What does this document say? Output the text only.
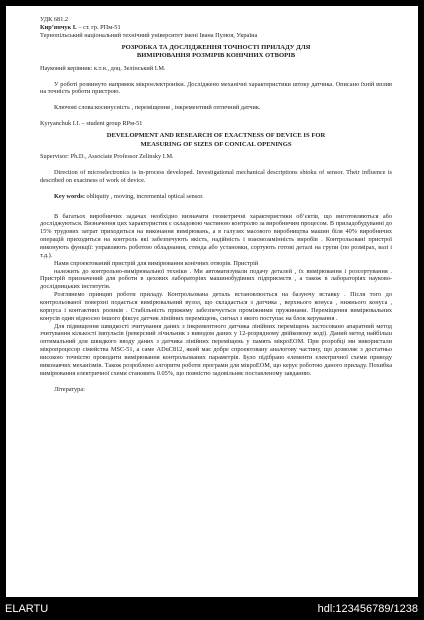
УДК 681.2
Кир’янчук І. – ст. гр. РПм-51
Тернопільський національний технічний університет імені Івана Пулюя, Україна
РОЗРОБКА ТА ДОСЛІДЖЕННЯ ТОЧНОСТІ ПРИЛАДУ ДЛЯ
ВИМІРЮВАННЯ РОЗМІРІВ КОНІЧНИХ ОТВОРІВ
Науковий керівник: к.т.н., доц. Зелінський І.М.
У роботі розвинуто напрямок мікроелектроніки. Досліджено механічні характеристики штоку датчика. Описано їхній вплив на точність роботи пристрою.
Ключові слова:косинусність , переміщення , інкрементний оптичний датчик.
Kyryanchuk I.I. – student group RPм-51
DEVELOPMENT AND RESEARCH OF EXACTNESS OF DEVICE IS FOR
MEASURING OF SIZES OF CONICAL OPENINGS
Supervisor: Ph.D., Associate Professor Zelinsky I.M.
Direction of microelectronics is in-process developed. Investigational mechanical descriptions shtoku of sensor. Their influence is described on exactness of work of device.
Key words: obliquity , moving, incremental optical sensor.
В багатьох виробничих задачах необхідно визначати геометричні характеристики об’єктів, що виготовляються або досліджуються. Визначення цих характеристик є складовою частиною контролю за виробничим процесом. В приладобудуванні до 15% трудових затрат приходиться на виконання вимірювань, а в галузях масового виробництва машин біля 40% виробничих операцій приходиться на контроль які забезпечують якість, надійність і взаємозамінність виробів . Контрольовані пристрої виконують функції: управляють роботою обладнання, стенда або установки, сортують готові деталі на групи (по розмірах, вазі і т.д.).
Нами спроектований пристрій для вимірювання конічних отворів. Пристрій
належить до контрольно-вимірювальної техніки . Ми автоматизували подачу деталей , їх вимірювання і розсортування . Пристрій призначений для роботи в цехових лабораторіях машинобудівних підприємств , а також в лабораторіях науково-дослідницьких інститутів.
Розглянемо принцип роботи приладу. Контрольована деталь встановлюється на базуючу вставку . Після того до контрольованої поверхні подається вимірювальний вузол, що складається з датчика , верхнього конуса , нижнього конуса , корпуса і контактних роликів . Стабільність прижиму забезпечується проміжними пружинами. Переміщення вимірювальних конусів один відносно іншого фіксує датчик лінійних переміщень, сигнал з якого поступає на блок керування .
Для підвищення швидкості зчитування даних з інкрементного датчика лінійних переміщень застосовано апаратний метод зчитування кількості імпульсів (реверсний лічильник з виводом даних у 12-розрядному двійковому коді). Даний метод найбільш оптимальний для швидкого вводу даних з датчика лінійних переміщень у память мікроЕОМ. При розробці ми використали мікропроцесор сімейства MSC-51, а саме ADuC812, який має добре спроектовану аналогову частину, що дозволяє з достатньо високою точністю проводити вимірювання контрольованих параметрів. Було підібрано елементи електричної схеми приводу виконавчих механізмів. Також розроблено алгоритм роботи програми для мікроЕОМ, що керує роботою даного приладу. Похибка вимірювання електричної схеми становить 0.05%, що повністю задовільняє поставленому завданню.
Література:
ELARTU	hdl:123456789/1238
